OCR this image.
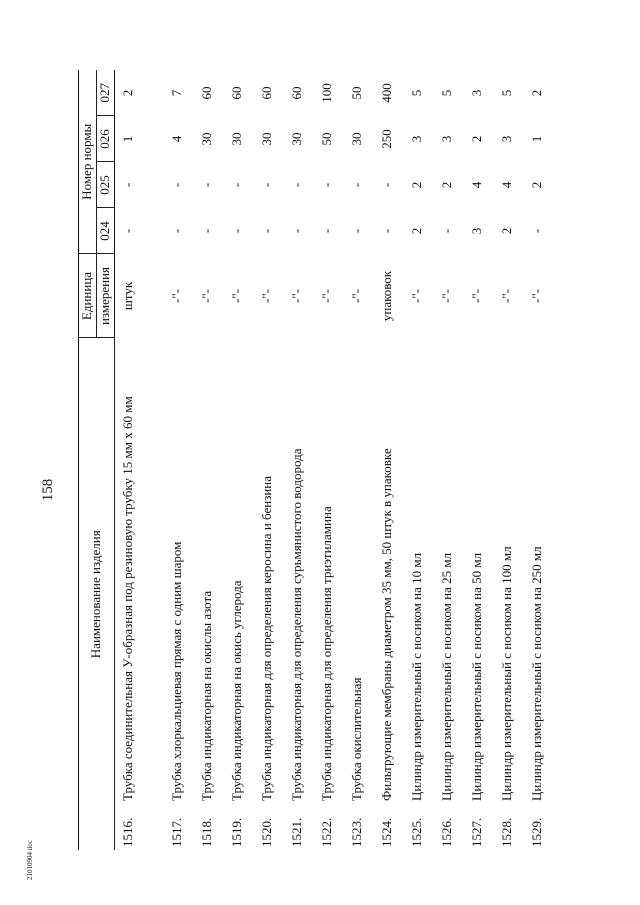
158
Наименование изделия		Единица	Номер нормы			
		измерения	024	025	026	027
1516.	Трубка соединительная У-образная под резиновую трубку 15 мм х 60 мм	штук	-	-	1	2
1517.	Трубка хлоркальциевая прямая с одним шаром	-"-	-	-	4	7
1518.	Трубка индикаторная на окислы азота	-"-	-	-	30	60
1519.	Трубка индикаторная на окись углерода	-"-	-	-	30	60
1520.	Трубка индикаторная для определения керосина и бензина	-"-	-	-	30	60
1521.	Трубка индикаторная для определения сурьмянистого водорода	-"-	-	-	30	60
1522.	Трубка индикаторная для определения триэтиламина	-"-	-	-	50	100
1523.	Трубка окислительная	-"-	-	-	30	50
1524.	Фильтрующие мембраны диаметром 35 мм, 50 штук в упаковке	упаковок	-	-	250	400
1525.	Цилиндр измерительный с носиком на 10 мл	-"-	2	2	3	5
1526.	Цилиндр измерительный с носиком на 25 мл	-"-	-	2	3	5
1527.	Цилиндр измерительный с носиком на 50 мл	-"-	3	4	2	3
1528.	Цилиндр измерительный с носиком на 100 мл	-"-	2	4	3	5
1529.	Цилиндр измерительный с носиком на 250 мл	-"-	-	2	1	2
21010904 doc
